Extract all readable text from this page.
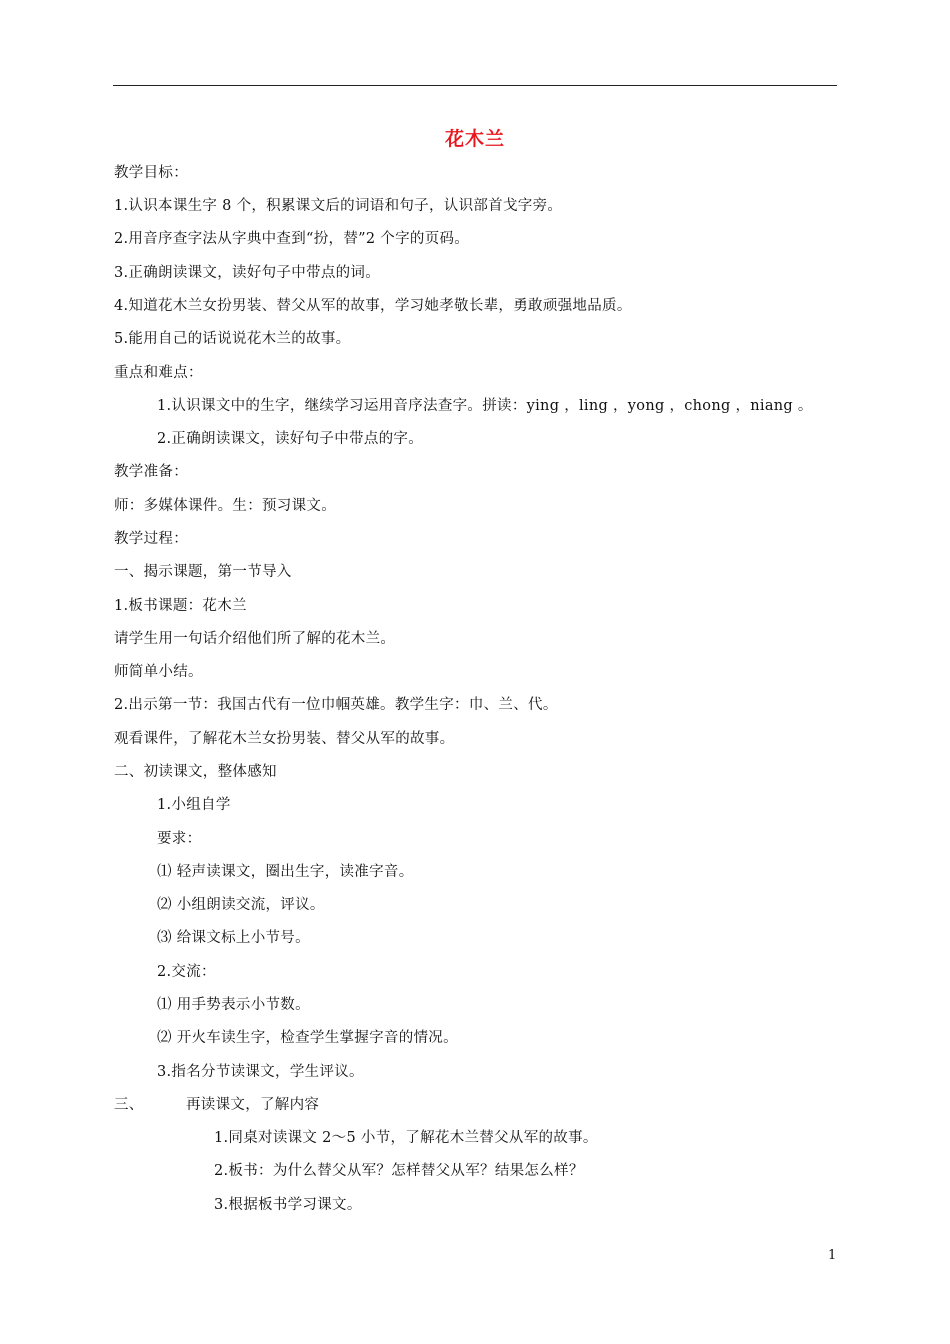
花木兰
教学目标：
1.认识本课生字 8 个，积累课文后的词语和句子，认识部首戈字旁。
2.用音序查字法从字典中查到“扮，替”2 个字的页码。
3.正确朗读课文，读好句子中带点的词。
4.知道花木兰女扮男装、替父从军的故事，学习她孝敬长辈，勇敢顽强地品质。
5.能用自己的话说说花木兰的故事。
重点和难点：
1.认识课文中的生字，继续学习运用音序法查字。拼读：ying ，ling ，yong ，chong ，niang 。
2.正确朗读课文，读好句子中带点的字。
教学准备：
师：多媒体课件。生：预习课文。
教学过程：
一、揭示课题，第一节导入
1.板书课题：花木兰
请学生用一句话介绍他们所了解的花木兰。
师简单小结。
2.出示第一节：我国古代有一位巾帼英雄。教学生字：巾、兰、代。
观看课件，了解花木兰女扮男装、替父从军的故事。
二、初读课文，整体感知
1.小组自学
要求：
⑴ 轻声读课文，圈出生字，读准字音。
⑵ 小组朗读交流，评议。
⑶ 给课文标上小节号。
2.交流：
⑴ 用手势表示小节数。
⑵ 开火车读生字，检查学生掌握字音的情况。
3.指名分节读课文，学生评议。
三、	再读课文，了解内容
1.同桌对读课文 2～5 小节，了解花木兰替父从军的故事。
2.板书：为什么替父从军？怎样替父从军？结果怎么样？
3.根据板书学习课文。
1
